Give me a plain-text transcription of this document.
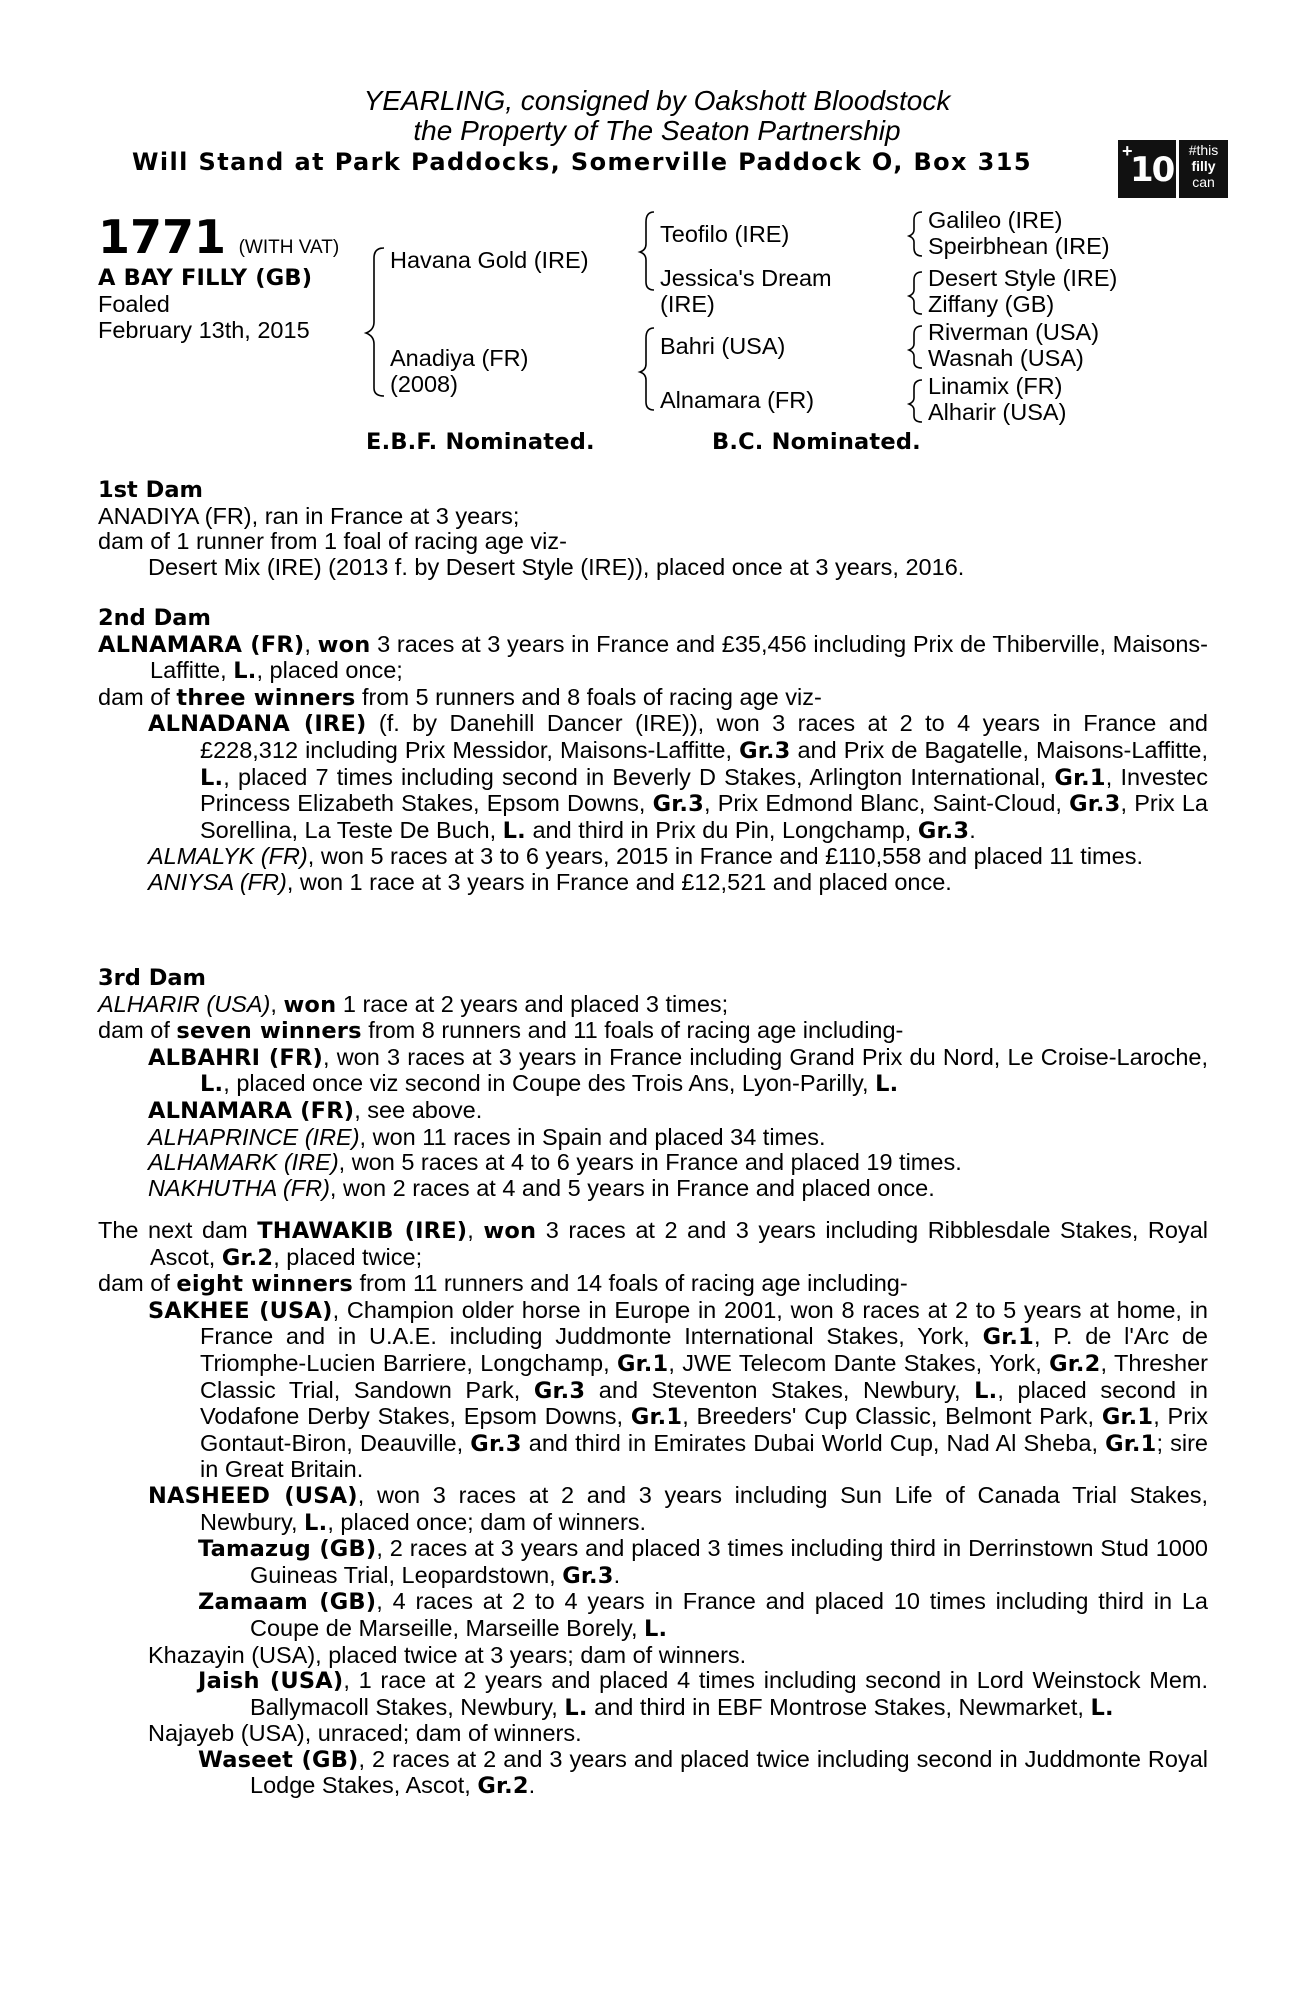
YEARLING, consigned by Oakshott Bloodstock
the Property of The Seaton Partnership
Will Stand at Park Paddocks, Somerville Paddock O, Box 315	+
10	#this
filly
can
1771 (WITH VAT)
A BAY FILLY (GB)
Foaled
February 13th, 2015
Havana Gold (IRE)
Anadiya (FR)
(2008)
Teofilo (IRE)
Jessica's Dream
(IRE)
Bahri (USA)
Alnamara (FR)
Galileo (IRE)
Speirbhean (IRE)
Desert Style (IRE)
Ziffany (GB)
Riverman (USA)
Wasnah (USA)
Linamix (FR)
Alharir (USA)
E.B.F. Nominated.	B.C. Nominated.
1st Dam
ANADIYA (FR), ran in France at 3 years;
dam of 1 runner from 1 foal of racing age viz-
Desert Mix (IRE) (2013 f. by Desert Style (IRE)), placed once at 3 years, 2016.
2nd Dam
ALNAMARA (FR), won 3 races at 3 years in France and £35,456 including Prix de Thiberville, Maisons-Laffitte, L., placed once;
dam of three winners from 5 runners and 8 foals of racing age viz-
ALNADANA (IRE) (f. by Danehill Dancer (IRE)), won 3 races at 2 to 4 years in France and £228,312 including Prix Messidor, Maisons-Laffitte, Gr.3 and Prix de Bagatelle, Maisons-Laffitte, L., placed 7 times including second in Beverly D Stakes, Arlington International, Gr.1, Investec Princess Elizabeth Stakes, Epsom Downs, Gr.3, Prix Edmond Blanc, Saint-Cloud, Gr.3, Prix La Sorellina, La Teste De Buch, L. and third in Prix du Pin, Longchamp, Gr.3.
ALMALYK (FR), won 5 races at 3 to 6 years, 2015 in France and £110,558 and placed 11 times.
ANIYSA (FR), won 1 race at 3 years in France and £12,521 and placed once.
3rd Dam
ALHARIR (USA), won 1 race at 2 years and placed 3 times;
dam of seven winners from 8 runners and 11 foals of racing age including-
ALBAHRI (FR), won 3 races at 3 years in France including Grand Prix du Nord, Le Croise-Laroche, L., placed once viz second in Coupe des Trois Ans, Lyon-Parilly, L.
ALNAMARA (FR), see above.
ALHAPRINCE (IRE), won 11 races in Spain and placed 34 times.
ALHAMARK (IRE), won 5 races at 4 to 6 years in France and placed 19 times.
NAKHUTHA (FR), won 2 races at 4 and 5 years in France and placed once.
The next dam THAWAKIB (IRE), won 3 races at 2 and 3 years including Ribblesdale Stakes, Royal Ascot, Gr.2, placed twice;
dam of eight winners from 11 runners and 14 foals of racing age including-
SAKHEE (USA), Champion older horse in Europe in 2001, won 8 races at 2 to 5 years at home, in France and in U.A.E. including Juddmonte International Stakes, York, Gr.1, P. de l'Arc de Triomphe-Lucien Barriere, Longchamp, Gr.1, JWE Telecom Dante Stakes, York, Gr.2, Thresher Classic Trial, Sandown Park, Gr.3 and Steventon Stakes, Newbury, L., placed second in Vodafone Derby Stakes, Epsom Downs, Gr.1, Breeders' Cup Classic, Belmont Park, Gr.1, Prix Gontaut-Biron, Deauville, Gr.3 and third in Emirates Dubai World Cup, Nad Al Sheba, Gr.1; sire in Great Britain.
NASHEED (USA), won 3 races at 2 and 3 years including Sun Life of Canada Trial Stakes, Newbury, L., placed once; dam of winners.
Tamazug (GB), 2 races at 3 years and placed 3 times including third in Derrinstown Stud 1000 Guineas Trial, Leopardstown, Gr.3.
Zamaam (GB), 4 races at 2 to 4 years in France and placed 10 times including third in La Coupe de Marseille, Marseille Borely, L.
Khazayin (USA), placed twice at 3 years; dam of winners.
Jaish (USA), 1 race at 2 years and placed 4 times including second in Lord Weinstock Mem. Ballymacoll Stakes, Newbury, L. and third in EBF Montrose Stakes, Newmarket, L.
Najayeb (USA), unraced; dam of winners.
Waseet (GB), 2 races at 2 and 3 years and placed twice including second in Juddmonte Royal Lodge Stakes, Ascot, Gr.2.
